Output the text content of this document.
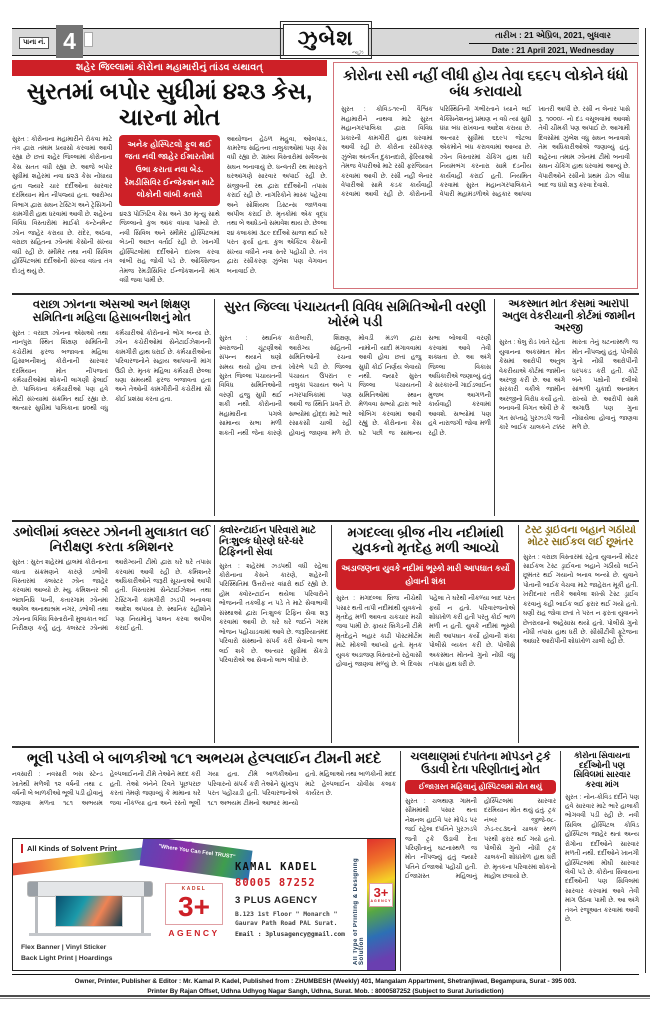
પાના નં. 4	ઝુબેશ
ન્યૂઝ
તારીખ : 21 એપ્રિલ, 2021, બુધવાર
Date : 21 April 2021, Wednesday
શહેર જિલ્લામાં કોરોના મહામારીનું તાંડવ યથાવત્
સુરતમાં બપોર સુધીમાં ૪૨૩ કેસ, ચારના મોત
સુરત : કોરોનાના મહામારીને રોકવા માટે તંત્ર દ્વારા તમામ પ્રયાસો કરવામાં આવી રહ્યા છે છતાં શહેર જિલ્લામાં કોરોનાના કેસ સતત વધી રહ્યા છે. આજે બપોર સુધીમાં શહેરમાં નવા ૪૨૩ કેસ નોંધાયા હતા જ્યારે ચાર દર્દીઓના સારવાર દરમિયાન મોત નીપજ્યાં હતા. આરોગ્ય વિભાગ દ્વારા સઘન ટેસ્ટિંગ અને ટ્રેસિંગની કામગીરી હાથ ધરવામાં આવી છે. શહેરના વિવિધ વિસ્તારોમાં માઈક્રો કન્ટેનમેન્ટ ઝોન જાહેર કરાયા છે. રાંદેર, અઠવા, વરાછા સહિતના ઝોનમાં કેસોની સંખ્યા વધી રહી છે. સ્મીમેર તથા નવી સિવિલ હોસ્પિટલમાં દર્દીઓની સંખ્યા વધતા તંત્ર દોડતું થયું છે.
અનેક હોસ્પિટલો ફુલ થઈ જતા નવી જાહેર ઈમારતોમાં ઉભા કરાતા નવા બેડ. રેમડીસિવિર ઈન્જેકશન માટે લોકોની લાંબી કતારો
૪૨૩ પોઝિટિવ કેસ અને ૩૦ મૃત્યુ સાથે જિલ્લાનો કુલ આંક વધવા પામ્યો છે. નવી સિવિલ અને સ્મીમેર હોસ્પિટલમાં બેડની અછત વર્તાઈ રહી છે. ખાનગી હોસ્પિટલોમાં દર્દીઓને દાખલ કરવા લાંબી રાહ જોવી પડે છે. ઓક્સિજન તેમજ રેમડીસિવિર ઈન્જેકશનની માંગ વધી જવા પામી છે.
આયોજન હેઠળ મહુવા, ઓલપાડ, કામરેજ સહિતના તાલુકાઓમાં પણ કેસ વધી રહ્યા છે. ગ્રામ્ય વિસ્તારોમાં સર્વેલન્સ સઘન બનાવાયું છે. ધન્વંતરી રથ મારફતે ઘરઆંગણે સારવાર અપાઈ રહી છે. સંજીવની રથ દ્વારા દર્દીઓની તપાસ કરાઈ રહી છે. નાગરિકોને માસ્ક પહેરવા અને સોશિયલ ડિસ્ટન્સ જાળવવા અપીલ કરાઈ છે. મૃતકોમાં એક વૃદ્ધ તથા બે આધેડનો સમાવેશ થાય છે. છેલ્લા ૨૪ કલાકમાં ૩૮૯ દર્દીઓ સાજા થઈ ઘરે પરત ફર્યા હતા. કુલ એક્ટિવ કેસની સંખ્યા વધીને નવા સ્તરે પહોંચી છે. તંત્ર દ્વારા રસીકરણ ઝુંબેશ પણ વેગવાન બનાવાઈ છે.
કોરોના રસી નહીં લીધી હોય તેવા ૬૬૯૫ લોકોને ધંધો બંધ કરાવાયો
સુરત : કોવિડ-૧૯ની વૈશ્વિક મહામારીને નાથવા માટે સુરત મહાનગરપાલિકા દ્વારા વિવિધ પ્રકારની કામગીરી હાથ ધરવામાં આવી રહી છે. કોરોના રસીકરણ ઝુંબેશ અંતર્ગત દુકાનદારો, ફેરિયાઓ તેમજ વેપારીઓ માટે રસી ફરજિયાત કરવામાં આવી છે. રસી નહીં લેનાર વેપારીઓ સામે કડક કાર્યવાહી કરવામાં આવી રહી છે. કોરોનાની પરિસ્થિતિની ગંભીરતાને ધ્યાને લઈ વેક્સિનેશનનું પ્રમાણ ન વધે ત્યાં સુધી ધંધા બંધ રાખવાના આદેશ કરાયા છે. અત્યાર સુધીમાં ૬૬૯૫ જેટલા એકમોને બંધ કરાવવામાં આવ્યા છે. ઝોન વિસ્તારમાં ચેકિંગ હાથ ધરી નિયમભંગ કરનારા સામે દંડનીય કાર્યવાહી કરાઈ હતી. નિયમિત કરવામાં સુરત મહાનગરપાલિકાને વેપારી મહામંડળોએ સહકાર આપવા ખાતરી આપી છે. રસી ન લેનાર પાસે રૂ. ૧૦૦૦/- નો દંડ વસૂલવામાં આવશે તેવી ચીમકી પણ અપાઈ છે. આગામી દિવસોમાં ઝુંબેશ વધુ સઘન બનાવાશે તેમ અધિકારીઓએ જણાવ્યું હતું. શહેરના તમામ ઝોનમાં ટીમો બનાવી સઘન ચેકિંગ હાથ ધરવામાં આવ્યું છે. વેપારીઓને રસીનો પ્રથમ ડોઝ લીધા બાદ જ ધંધો શરૂ કરવા દેવાશે.
વરાછા ઝોનના એસઓ અને શિક્ષણ સમિતિના મહિલા હિસાબનીશનું મોત
સુરત : વરાછા ઝોનના એસઓ તથા નાનપુરા સ્થિત શિક્ષણ સમિતિની કચેરીમાં ફરજ બજાવતા મહિલા હિસાબનીશનું કોરોનાની સારવાર દરમિયાન મોત નીપજતાં કર્મચારીઓમાં શોકની લાગણી ફેલાઈ છે. પાલિકાના કર્મચારીઓ પણ હવે મોટી સંખ્યામાં સંક્રમિત થઈ રહ્યા છે. અત્યાર સુધીમાં પાલિકાના ૪૦થી વધુ કર્મચારીઓ કોરોનાનો ભોગ બન્યા છે. ઝોન કચેરીઓમાં સેનેટાઈઝેશનની કામગીરી હાથ ધરાઈ છે. કર્મચારીઓના પરિવારજનોને સહાય આપવાની માંગ ઉઠી છે. મૃતક મહિલા કર્મચારી છેલ્લા ઘણા સમયથી ફરજ બજાવતા હતા અને તેઓની કામગીરીની કચેરીમાં સૌ કોઈ પ્રશંસા કરતા હતા.
સુરત જિલ્લા પંચાયતની વિવિધ સમિતિઓની વરણી ખોરંભે પડી
સુરત : સ્થાનિક સ્વરાજની ચૂંટણીઓ સંપન્ન થયાને ઘણો સમય થયો હોવા છતાં સુરત જિલ્લા પંચાયતની વિવિધ સમિતિઓની વરણી હજુ સુધી થઈ શકી નથી. કોરોનાની મહામારીના પગલે સામાન્ય સભા મળી શકતી નથી જેના કારણે કારોબારી, શિક્ષણ, આરોગ્ય સહિતની સમિતિઓની રચના ખોરંભે પડી છે. જિલ્લા પંચાયત ઉપરાંત ૯ તાલુકા પંચાયત અને ૫ નગરપાલિકામાં પણ આવી જ સ્થિતિ પ્રવર્તે છે. સભ્યોમાં હોદ્દા માટે ભારે રસાકસી ચાલી રહી હોવાનું જાણવા મળે છે. મોવડી મંડળ દ્વારા નામોની યાદી મંગાવવામાં આવી હોવા છતાં હજુ સુધી કોઈ નિર્ણય લેવાયો નથી. જ્યારે સુરત જિલ્લા પંચાયતની સમિતિઓમાં સ્થાન મેળવવા સભ્યો દ્વારા ભારે લોબિંગ કરવામાં આવી રહ્યું છે. કોરોનાના કેસ ઘટે પછી જ સામાન્ય સભા બોલાવી વરણી કરવામાં આવે તેવી શક્યતા છે. આ અંગે જિલ્લા વિકાસ અધિકારીએ જણાવ્યું હતું કે સરકારની ગાઈડલાઈન મુજબ આગળની કાર્યવાહી કરવામાં આવશે. સભ્યોમાં પણ હવે નારાજગી જોવા મળી રહી છે.
અકસ્માત મોત કેસમાં આરોપી અતુલ વેકરીયાની કોર્ટમાં જામીન અરજી
સુરત : ઘેલુ રોડ ખાતે રહેતા યુવાનના અકસ્માત મોત કેસમાં આરોપી અતુલ વેકરીયાએ કોર્ટમાં જામીન અરજી કરી છે. આ અંગે સરકારી વકીલે જામીન અરજીનો વિરોધ કર્યો હતો. બનાવની વિગત એવી છે કે ગત સપ્તાહે પુરઝડપે જતી કારે બાઈક ચાલકને ટક્કર મારતા તેનું ઘટનાસ્થળે જ મોત નીપજ્યું હતું. પોલીસે ગુનો નોંધી આરોપીની ધરપકડ કરી હતી. કોર્ટે બંને પક્ષોની દલીલો સાંભળી ચુકાદો અનામત રાખ્યો છે. આરોપી સામે અગાઉ પણ ગુના નોંધાયેલા હોવાનું જાણવા મળે છે.
ડભોલીમાં ક્લસ્ટર ઝોનની મુલાકાત લઈ નિરીક્ષણ કરતા કમિશનર
સુરત : સુરત શહેરમાં હાલમાં કોરોનાના વધતા સંક્રમણને કારણે ડભોલી વિસ્તારમાં ક્લસ્ટર ઝોન જાહેર કરવામાં આવ્યો છે. મ્યુ. કમિશનર શ્રી બંછાનિધિ પાની, કતારગામ ઝોનમાં આવેલ અનાથાશ્રમ નગર, ડભોલી તથા ઝોનના વિવિધ વિસ્તારોની મુલાકાત લઈ નિરીક્ષણ કર્યું હતું. ક્લસ્ટર ઝોનમાં આરોગ્યની ટીમો દ્વારા ઘરે ઘરે તપાસ કરવામાં આવી રહી છે. કમિશનરે અધિકારીઓને જરૂરી સૂચનાઓ આપી હતી. વિસ્તારમાં સેનેટાઈઝેશન તથા ટેસ્ટિંગની કામગીરી ઝડપી બનાવવા આદેશ અપાયા છે. સ્થાનિક રહીશોને પણ નિયમોનું પાલન કરવા અપીલ કરાઈ હતી.
ક્વોરન્ટાઈન પરિવારો માટે નિઃશુલ્ક ધોરણે ઘરે-ઘરે ટિફિનની સેવા
સુરત : શહેરમાં ઝડપથી વધી રહેલા કોરોનાના કેસને કારણે, શહેરની પરિસ્થિતિમાં ઉત્તરોત્તર વધારો થઈ રહ્યો છે. હોમ ક્વોરન્ટાઈન થયેલા પરિવારોને ભોજનની તકલીફ ન પડે તે માટે સેવાભાવી સંસ્થાઓ દ્વારા નિઃશુલ્ક ટિફિન સેવા શરૂ કરવામાં આવી છે. ઘરે ઘરે જઈને ગરમ ભોજન પહોંચાડવામાં આવે છે. જરૂરિયાતમંદ પરિવારો સંસ્થાનો સંપર્ક કરી સેવાનો લાભ લઈ શકે છે. અત્યાર સુધીમાં સેંકડો પરિવારોએ આ સેવાનો લાભ લીધો છે.
મગદલ્લા બ્રીજ નીચ નદીમાંથી યુવકનો મૃતદેહ મળી આવ્યો
અડાજણના યુવકે નદીમાં ભૂસ્કો મારી આપઘાત કર્યો હોવાની શંકા
સુરત : મગદલ્લા બ્રિજ નીચેથી પસાર થતી તાપી નદીમાંથી યુવકનો મૃતદેહ મળી આવતા ચકચાર મચી જવા પામી છે. ફાયર બ્રિગેડની ટીમે મૃતદેહને બહાર કાઢી પોસ્ટમોર્ટમ માટે મોકલી આપ્યો હતો. મૃતક યુવક અડાજણ વિસ્તારનો રહેવાસી હોવાનું જાણવા મળ્યું છે. બે દિવસ પહેલા તે ઘરેથી નીકળ્યા બાદ પરત ફર્યો ન હતો. પરિવારજનોએ શોધખોળ કરી હતી પરંતુ કોઈ ભાળ મળી ન હતી. યુવકે નદીમાં ભૂસ્કો મારી આપઘાત કર્યો હોવાની શંકા પોલીસે વ્યક્ત કરી છે. પોલીસે અકસ્માત મોતનો ગુનો નોંધી વધુ તપાસ હાથ ધરી છે.
ટેસ્ટ ડ્રાઈવના બહાને ગઠીયો મોટર સાઈકલ લઈ છૂમંતર
સુરત : વરાછા વિસ્તારમાં રહેતા યુવાનની મોટર સાઈકલ ટેસ્ટ ડ્રાઈવના બહાને ગઠીયો લઈને છૂમંતર થઈ ગયાનો બનાવ બન્યો છે. યુવાને પોતાની બાઈક વેચવા માટે જાહેરાત મૂકી હતી. ખરીદનાર તરીકે આવેલા શખ્સે ટેસ્ટ ડ્રાઈવ કરવાનું કહી બાઈક લઈ ફરાર થઈ ગયો હતો. ઘણી રાહ જોવા છતાં તે પરત ન ફરતા યુવાનને છેતરાયાનો અહેસાસ થયો હતો. પોલીસે ગુનો નોંધી તપાસ હાથ ધરી છે. સીસીટીવી ફૂટેજના આધારે આરોપીની શોધખોળ ચાલી રહી છે.
ભૂલી પડેલી બે બાળકીઓ ૧૮૧ અભયમ હેલ્પલાઈન ટીમની મદદે
નવસારી : નવસારી બસ સ્ટેન્ડ ખાતેથી મળેલી ૧૨ વર્ષની તથા ૮ વર્ષની બે બાળકીઓ ભૂલી પડી હોવાનું જાણવા મળતા ૧૮૧ અભયમ હેલ્પલાઈનની ટીમે તેઓને મદદ કરી હતી. તેઓ બંનેને રિવતે પૂછપરછ કરતાં તેમણે જણાવ્યું કે મામાના ઘરે જવા નીકળ્યા હતા અને રસ્તો ભૂલી ગયા હતા. ટીમે બાળકીઓના પરિવારનો સંપર્ક કરી તેઓને સુખરૂપ પરત પહોંચાડી હતી. પરિવારજનોએ ૧૮૧ અભયમ ટીમનો આભાર માન્યો હતો. મહિલાઓ તથા બાળકોની મદદ માટે હેલ્પલાઈન ચોવીસ કલાક કાર્યરત છે.
ચલથાણમાં દંપતિના મોપેડને ટ્રકે ઉડાવી દેતા પરિણીતાનું મોત
ઈજાગ્રસ્ત મહિલાનું હોસ્પિટલમાં મોત થયું
સુરત : ચલથાણ ગામની સીમમાંથી પસાર થતા નેશનલ હાઈવે પર મોપેડ પર જઈ રહેલા દંપતિને પુરઝડપે જતી ટ્રકે ઉડાવી દેતા પરિણીતાનું ઘટનાસ્થળે જ મોત નીપજ્યું હતું જ્યારે પતિને ઈજાઓ પહોંચી હતી. ઈજાગ્રસ્ત મહિલાનું હોસ્પિટલમાં સારવાર દરમિયાન મોત થયું હતું. ટ્રક નંબર જીજે-૦૮-ઝેડ-૯૮૩૬નો ચાલક સ્થળ પરથી ફરાર થઈ ગયો હતો. પોલીસે ગુનો નોંધી ટ્રક ચાલકની શોધખોળ હાથ ધરી છે. મૃતકના પરિવારમાં શોકનો માહોલ છવાયો છે.
કોરોના સિવાયના દર્દીઓની પણ સિવિલમાં સારવાર કરવા માંગ
સુરત : નોન-કોવિડ દર્દીને પણ હવે સારવાર માટે ભારે હાલાકી ભોગવવી પડી રહી છે. નવી સિવિલ હોસ્પિટલ કોવિડ હોસ્પિટલ જાહેર થતાં અન્ય રોગોના દર્દીઓને સારવાર મળતી નથી. દર્દીઓને ખાનગી હોસ્પિટલમાં મોંઘી સારવાર લેવી પડે છે. કોરોના સિવાયના દર્દીઓની પણ સિવિલમાં સારવાર કરવામાં આવે તેવી માંગ ઉઠવા પામી છે. આ અંગે તંત્રને રજૂઆત કરવામાં આવી છે.
All Kinds of Solvent Print	"Where You Can Feel TRUST"
Flex Banner | Vinyl Sticker
Back Light Print | Hoardings
KADEL
3+
AGENCY
KAMAL KADEL
80005 87252
3 PLUS AGENCY
B.123 1st Floor " Monarch "
Gaurav Path Road PAL Surat.
Email : 3plusagency@gmail.com	All Type of Printing & Designing Solution
3+
AGENCY
Owner, Printer, Publisher & Editor : Mr. Kamal P. Kadel, Published from : ZHUMBESH (Weekly) 401, Mangalam Appartment, Shetranjiwad, Begampura, Surat - 395 003.
Printer By Rajan Offset, Udhna Udhyog Nagar Sangh, Udhna, Surat. Mob. : 8000587252 (Subject to Surat Jurisdiction)
